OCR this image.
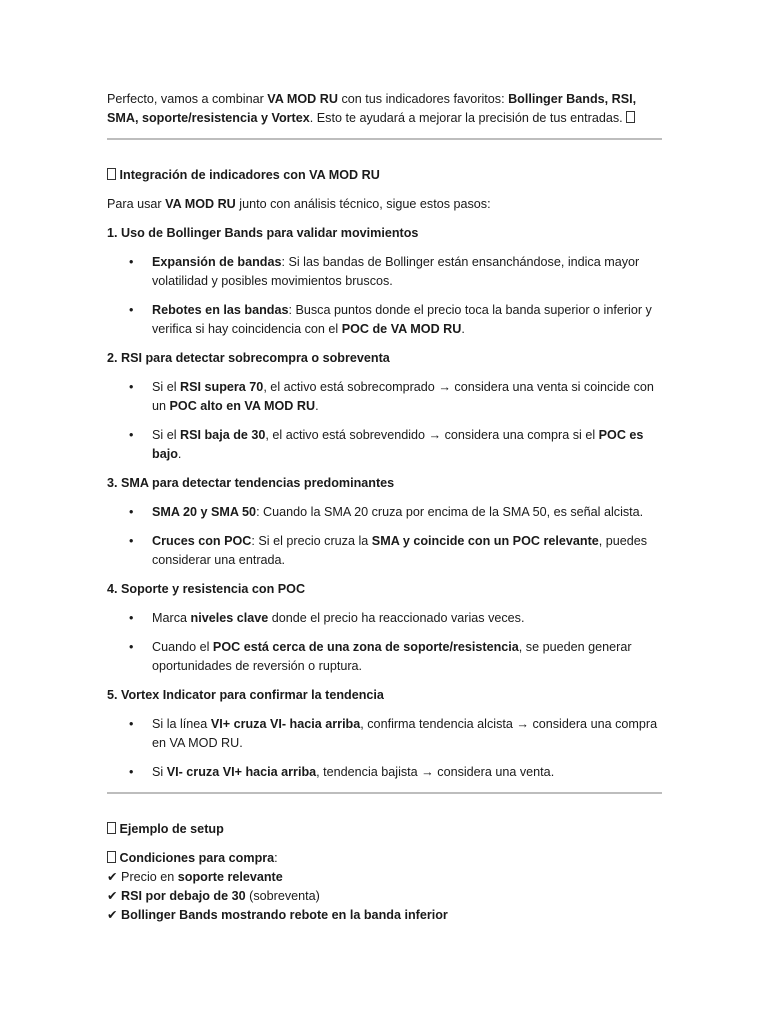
Perfecto, vamos a combinar VA MOD RU con tus indicadores favoritos: Bollinger Bands, RSI, SMA, soporte/resistencia y Vortex. Esto te ayudará a mejorar la precisión de tus entradas.

Integración de indicadores con VA MOD RU

Para usar VA MOD RU junto con análisis técnico, sigue estos pasos:

1. Uso de Bollinger Bands para validar movimientos

• Expansión de bandas: Si las bandas de Bollinger están ensanchándose, indica mayor volatilidad y posibles movimientos bruscos.
• Rebotes en las bandas: Busca puntos donde el precio toca la banda superior o inferior y verifica si hay coincidencia con el POC de VA MOD RU.

2. RSI para detectar sobrecompra o sobreventa

• Si el RSI supera 70, el activo está sobrecomprado → considera una venta si coincide con un POC alto en VA MOD RU.
• Si el RSI baja de 30, el activo está sobrevendido → considera una compra si el POC es bajo.

3. SMA para detectar tendencias predominantes

• SMA 20 y SMA 50: Cuando la SMA 20 cruza por encima de la SMA 50, es señal alcista.
• Cruces con POC: Si el precio cruza la SMA y coincide con un POC relevante, puedes considerar una entrada.

4. Soporte y resistencia con POC

• Marca niveles clave donde el precio ha reaccionado varias veces.
• Cuando el POC está cerca de una zona de soporte/resistencia, se pueden generar oportunidades de reversión o ruptura.

5. Vortex Indicator para confirmar la tendencia

• Si la línea VI+ cruza VI- hacia arriba, confirma tendencia alcista → considera una compra en VA MOD RU.
• Si VI- cruza VI+ hacia arriba, tendencia bajista → considera una venta.

Ejemplo de setup

Condiciones para compra:
✔ Precio en soporte relevante
✔ RSI por debajo de 30 (sobreventa)
✔ Bollinger Bands mostrando rebote en la banda inferior
